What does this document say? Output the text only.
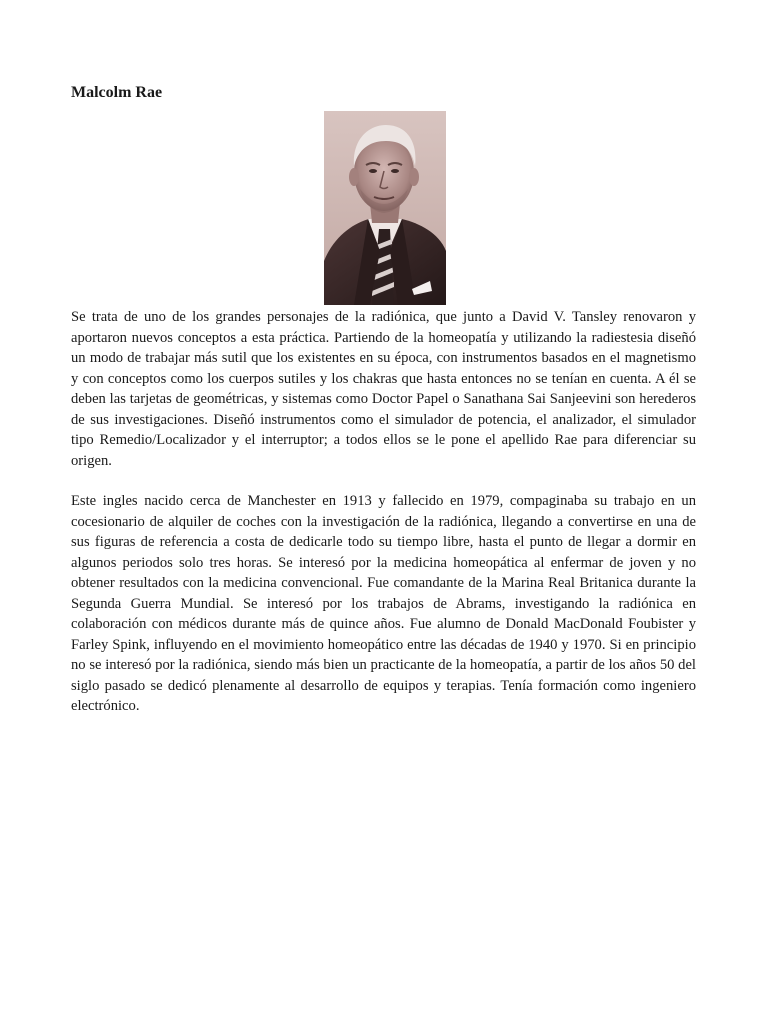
Malcolm Rae

Se trata de uno de los grandes personajes de la radiónica, que junto a David V. Tansley renovaron y aportaron nuevos conceptos a esta práctica. Partiendo de la homeopatía y utilizando la radiestesia diseñó un modo de trabajar más sutil que los existentes en su época, con instrumentos basados en el magnetismo y con conceptos como los cuerpos sutiles y los chakras que hasta entonces no se tenían en cuenta. A él se deben las tarjetas de geométricas, y sistemas como Doctor Papel o Sanathana Sai Sanjeevini son herederos de sus investigaciones. Diseñó instrumentos como el simulador de potencia, el analizador, el simulador tipo Remedio/Localizador y el interruptor; a todos ellos se le pone el apellido Rae para diferenciar su origen.

Este ingles nacido cerca de Manchester en 1913 y fallecido en 1979, compaginaba su trabajo en un cocesionario de alquiler de coches con la investigación de la radiónica, llegando a convertirse en una de sus figuras de referencia a costa de dedicarle todo su tiempo libre, hasta el punto de llegar a dormir en algunos periodos solo tres horas. Se interesó por la medicina homeopática al enfermar de joven y no obtener resultados con la medicina convencional. Fue comandante de la Marina Real Britanica durante la Segunda Guerra Mundial. Se interesó por los trabajos de Abrams, investigando la radiónica en colaboración con médicos durante más de quince años. Fue alumno de Donald MacDonald Foubister y Farley Spink, influyendo en el movimiento homeopático entre las décadas de 1940 y 1970. Si en principio no se interesó por la radiónica, siendo más bien un practicante de la homeopatía, a partir de los años 50 del siglo pasado se dedicó plenamente al desarrollo de equipos y terapias. Tenía formación como ingeniero electrónico.
